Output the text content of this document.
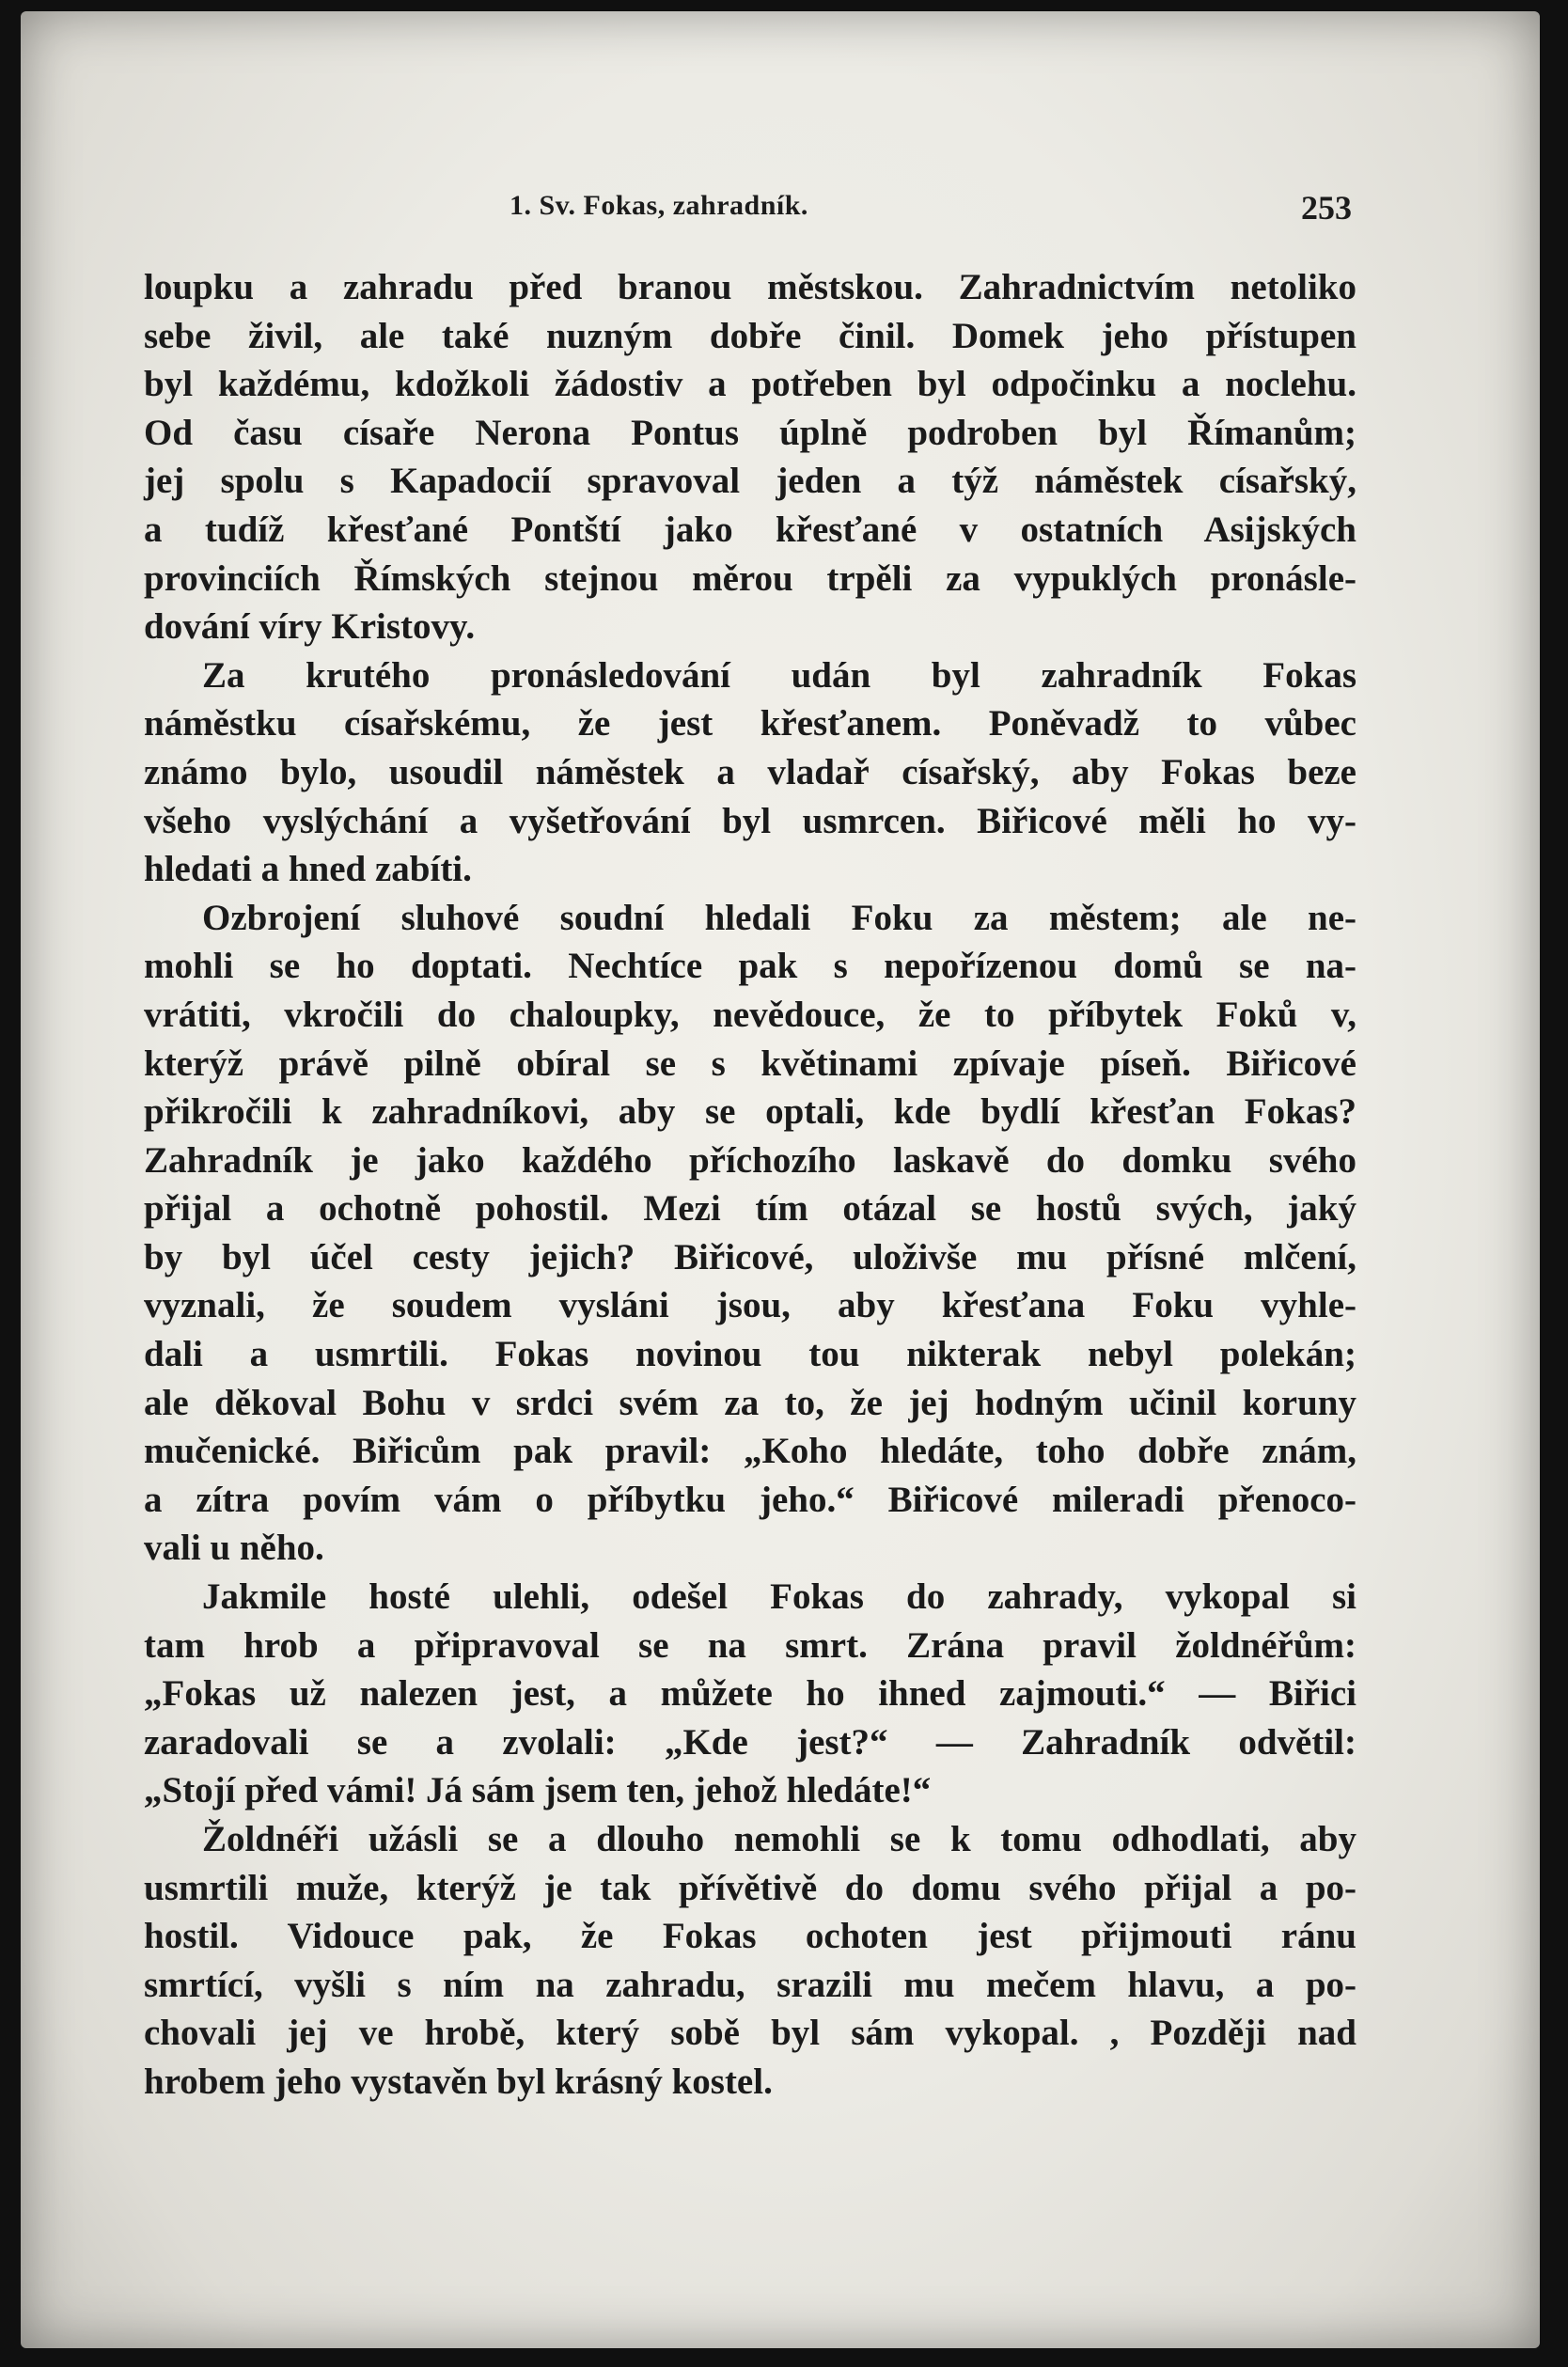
1. Sv. Fokas, zahradník.	253
loupku a zahradu před branou městskou. Zahradnictvím netoliko
sebe živil, ale také nuzným dobře činil. Domek jeho přístupen
byl každému, kdožkoli žádostiv a potřeben byl odpočinku a noclehu.
Od času císaře Nerona Pontus úplně podroben byl Římanům;
jej spolu s Kapadocií spravoval jeden a týž náměstek císařský,
a tudíž křesťané Pontští jako křesťané v ostatních Asijských
provinciích Římských stejnou měrou trpěli za vypuklých pronásle-
dování víry Kristovy.
Za krutého pronásledování udán byl zahradník Fokas
náměstku císařskému, že jest křesťanem. Poněvadž to vůbec
známo bylo, usoudil náměstek a vladař císařský, aby Fokas beze
všeho vyslýchání a vyšetřování byl usmrcen. Biřicové měli ho vy-
hledati a hned zabíti.
Ozbrojení sluhové soudní hledali Foku za městem; ale ne-
mohli se ho doptati. Nechtíce pak s nepořízenou domů se na-
vrátiti, vkročili do chaloupky, nevědouce, že to příbytek Foků v,
kterýž právě pilně obíral se s květinami zpívaje píseň. Biřicové
přikročili k zahradníkovi, aby se optali, kde bydlí křesťan Fokas?
Zahradník je jako každého příchozího laskavě do domku svého
přijal a ochotně pohostil. Mezi tím otázal se hostů svých, jaký
by byl účel cesty jejich? Biřicové, uloživše mu přísné mlčení,
vyznali, že soudem vysláni jsou, aby křesťana Foku vyhle-
dali a usmrtili. Fokas novinou tou nikterak nebyl polekán;
ale děkoval Bohu v srdci svém za to, že jej hodným učinil koruny
mučenické. Biřicům pak pravil: „Koho hledáte, toho dobře znám,
a zítra povím vám o příbytku jeho.“ Biřicové mileradi přenoco-
vali u něho.
Jakmile hosté ulehli, odešel Fokas do zahrady, vykopal si
tam hrob a připravoval se na smrt. Zrána pravil žoldnéřům:
„Fokas už nalezen jest, a můžete ho ihned zajmouti.“ — Biřici
zaradovali se a zvolali: „Kde jest?“ — Zahradník odvětil:
„Stojí před vámi! Já sám jsem ten, jehož hledáte!“
Žoldnéři užásli se a dlouho nemohli se k tomu odhodlati, aby
usmrtili muže, kterýž je tak přívětivě do domu svého přijal a po-
hostil. Vidouce pak, že Fokas ochoten jest přijmouti ránu
smrtící, vyšli s ním na zahradu, srazili mu mečem hlavu, a po-
chovali jej ve hrobě, který sobě byl sám vykopal. , Později nad
hrobem jeho vystavěn byl krásný kostel.
